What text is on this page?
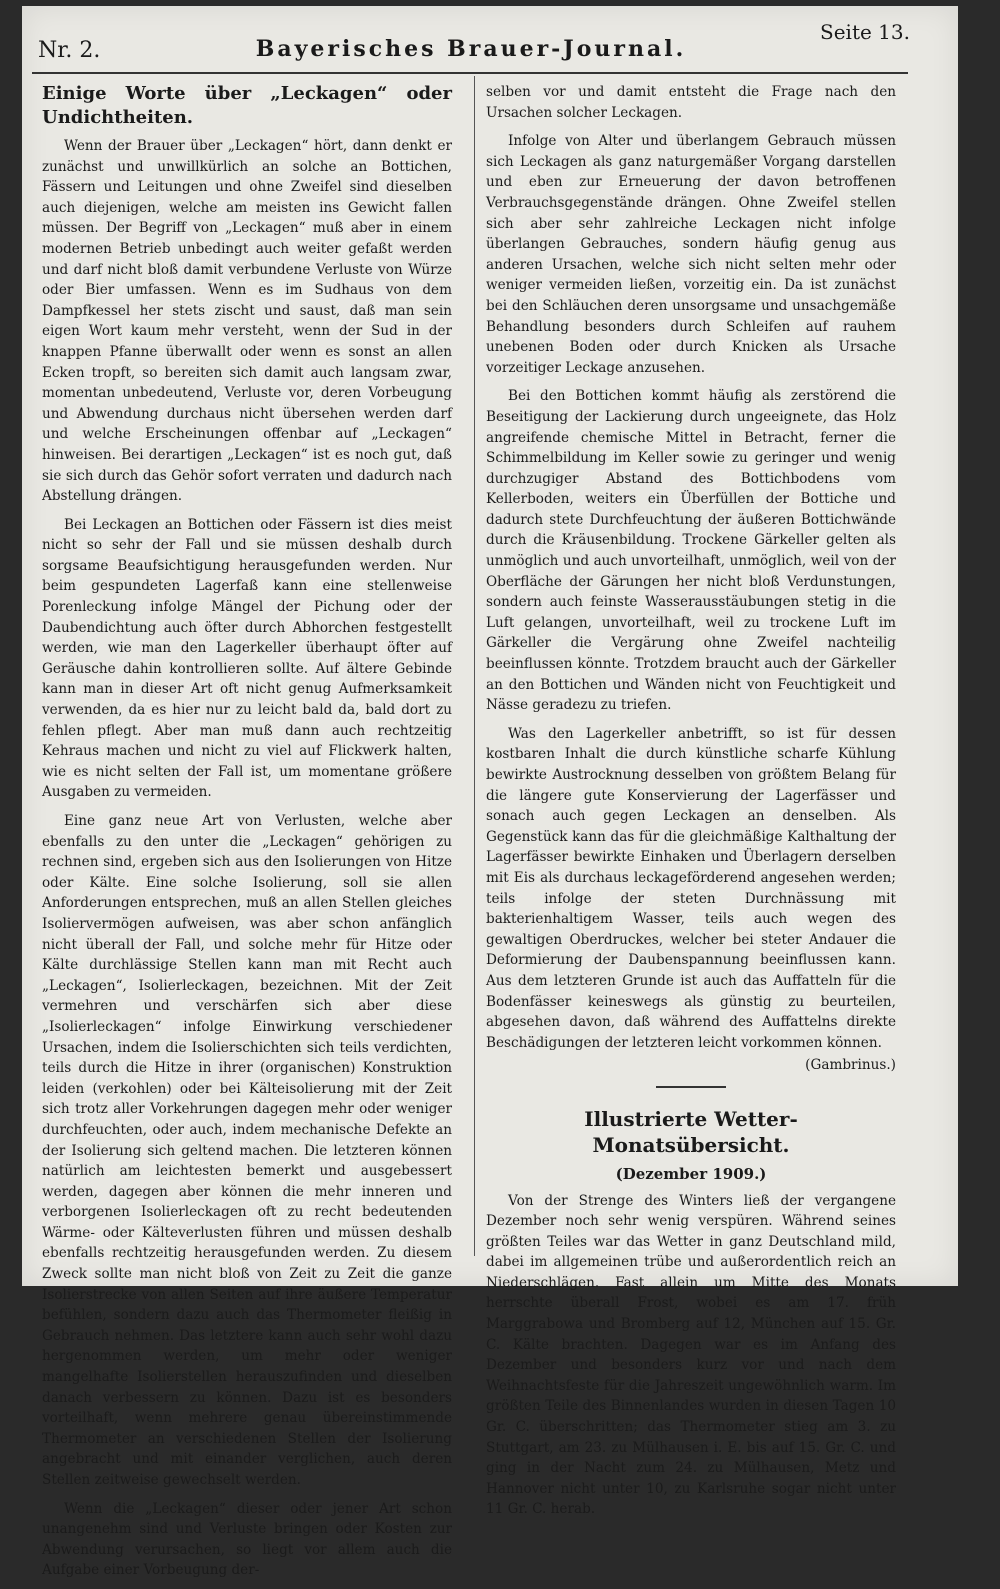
Nr. 2.	Bayerisches Brauer-Journal.
Seite 13.
Einige Worte über „Leckagen“ oder Undichtheiten.

Wenn der Brauer über „Leckagen“ hört, dann denkt er zunächst und unwillkürlich an solche an Bottichen, Fässern und Leitungen und ohne Zweifel sind dieselben auch diejenigen, welche am meisten ins Gewicht fallen müssen. Der Begriff von „Leckagen“ muß aber in einem modernen Betrieb unbedingt auch weiter gefaßt werden und darf nicht bloß damit verbundene Verluste von Würze oder Bier umfassen. Wenn es im Sudhaus von dem Dampfkessel her stets zischt und saust, daß man sein eigen Wort kaum mehr versteht, wenn der Sud in der knappen Pfanne überwallt oder wenn es sonst an allen Ecken tropft, so bereiten sich damit auch langsam zwar, momentan unbedeutend, Verluste vor, deren Vorbeugung und Abwendung durchaus nicht übersehen werden darf und welche Erscheinungen offenbar auf „Leckagen“ hinweisen. Bei derartigen „Leckagen“ ist es noch gut, daß sie sich durch das Gehör sofort verraten und dadurch nach Abstellung drängen.

Bei Leckagen an Bottichen oder Fässern ist dies meist nicht so sehr der Fall und sie müssen deshalb durch sorgsame Beaufsichtigung herausgefunden werden. Nur beim gespundeten Lagerfaß kann eine stellenweise Porenleckung infolge Mängel der Pichung oder der Daubendichtung auch öfter durch Abhorchen festgestellt werden, wie man den Lagerkeller überhaupt öfter auf Geräusche dahin kontrollieren sollte. Auf ältere Gebinde kann man in dieser Art oft nicht genug Aufmerksamkeit verwenden, da es hier nur zu leicht bald da, bald dort zu fehlen pflegt. Aber man muß dann auch rechtzeitig Kehraus machen und nicht zu viel auf Flickwerk halten, wie es nicht selten der Fall ist, um momentane größere Ausgaben zu vermeiden.

Eine ganz neue Art von Verlusten, welche aber ebenfalls zu den unter die „Leckagen“ gehörigen zu rechnen sind, ergeben sich aus den Isolierungen von Hitze oder Kälte. Eine solche Isolierung, soll sie allen Anforderungen entsprechen, muß an allen Stellen gleiches Isoliervermögen aufweisen, was aber schon anfänglich nicht überall der Fall, und solche mehr für Hitze oder Kälte durchlässige Stellen kann man mit Recht auch „Leckagen“, Isolierleckagen, bezeichnen. Mit der Zeit vermehren und verschärfen sich aber diese „Isolierleckagen“ infolge Einwirkung verschiedener Ursachen, indem die Isolierschichten sich teils verdichten, teils durch die Hitze in ihrer (organischen) Konstruktion leiden (verkohlen) oder bei Kälteisolierung mit der Zeit sich trotz aller Vorkehrungen dagegen mehr oder weniger durchfeuchten, oder auch, indem mechanische Defekte an der Isolierung sich geltend machen. Die letzteren können natürlich am leichtesten bemerkt und ausgebessert werden, dagegen aber können die mehr inneren und verborgenen Isolierleckagen oft zu recht bedeutenden Wärme- oder Kälteverlusten führen und müssen deshalb ebenfalls rechtzeitig herausgefunden werden. Zu diesem Zweck sollte man nicht bloß von Zeit zu Zeit die ganze Isolierstrecke von allen Seiten auf ihre äußere Temperatur befühlen, sondern dazu auch das Thermometer fleißig in Gebrauch nehmen. Das letztere kann auch sehr wohl dazu hergenommen werden, um mehr oder weniger mangelhafte Isolierstellen herauszufinden und dieselben danach verbessern zu können. Dazu ist es besonders vorteilhaft, wenn mehrere genau übereinstimmende Thermometer an verschiedenen Stellen der Isolierung angebracht und mit einander verglichen, auch deren Stellen zeitweise gewechselt werden.

Wenn die „Leckagen“ dieser oder jener Art schon unangenehm sind und Verluste bringen oder Kosten zur Abwendung verursachen, so liegt vor allem auch die Aufgabe einer Vorbeugung der-

selben vor und damit entsteht die Frage nach den Ursachen solcher Leckagen.

Infolge von Alter und überlangem Gebrauch müssen sich Leckagen als ganz naturgemäßer Vorgang darstellen und eben zur Erneuerung der davon betroffenen Verbrauchsgegenstände drängen. Ohne Zweifel stellen sich aber sehr zahlreiche Leckagen nicht infolge überlangen Gebrauches, sondern häufig genug aus anderen Ursachen, welche sich nicht selten mehr oder weniger vermeiden ließen, vorzeitig ein. Da ist zunächst bei den Schläuchen deren unsorgsame und unsachgemäße Behandlung besonders durch Schleifen auf rauhem unebenen Boden oder durch Knicken als Ursache vorzeitiger Leckage anzusehen.

Bei den Bottichen kommt häufig als zerstörend die Beseitigung der Lackierung durch ungeeignete, das Holz angreifende chemische Mittel in Betracht, ferner die Schimmelbildung im Keller sowie zu geringer und wenig durchzugiger Abstand des Bottichbodens vom Kellerboden, weiters ein Überfüllen der Bottiche und dadurch stete Durchfeuchtung der äußeren Bottichwände durch die Kräusenbildung. Trockene Gärkeller gelten als unmöglich und auch unvorteilhaft, unmöglich, weil von der Oberfläche der Gärungen her nicht bloß Verdunstungen, sondern auch feinste Wasserausstäubungen stetig in die Luft gelangen, unvorteilhaft, weil zu trockene Luft im Gärkeller die Vergärung ohne Zweifel nachteilig beeinflussen könnte. Trotzdem braucht auch der Gärkeller an den Bottichen und Wänden nicht von Feuchtigkeit und Nässe geradezu zu triefen.

Was den Lagerkeller anbetrifft, so ist für dessen kostbaren Inhalt die durch künstliche scharfe Kühlung bewirkte Austrocknung desselben von größtem Belang für die längere gute Konservierung der Lagerfässer und sonach auch gegen Leckagen an denselben. Als Gegenstück kann das für die gleichmäßige Kalthaltung der Lagerfässer bewirkte Einhaken und Überlagern derselben mit Eis als durchaus leckageförderend angesehen werden; teils infolge der steten Durchnässung mit bakterienhaltigem Wasser, teils auch wegen des gewaltigen Oberdruckes, welcher bei steter Andauer die Deformierung der Daubenspannung beeinflussen kann. Aus dem letzteren Grunde ist auch das Auffatteln für die Bodenfässer keineswegs als günstig zu beurteilen, abgesehen davon, daß während des Auffattelns direkte Beschädigungen der letzteren leicht vorkommen können.

(Gambrinus.)
Illustrierte Wetter-Monatsübersicht.
(Dezember 1909.)

Von der Strenge des Winters ließ der vergangene Dezember noch sehr wenig verspüren. Während seines größten Teiles war das Wetter in ganz Deutschland mild, dabei im allgemeinen trübe und außerordentlich reich an Niederschlägen. Fast allein um Mitte des Monats herrschte überall Frost, wobei es am 17. früh Marggrabowa und Bromberg auf 12, München auf 15. Gr. C. Kälte brachten. Dagegen war es im Anfang des Dezember und besonders kurz vor und nach dem Weihnachtsfeste für die Jahreszeit ungewöhnlich warm. Im größten Teile des Binnenlandes wurden in diesen Tagen 10 Gr. C. überschritten; das Thermometer stieg am 3. zu Stuttgart, am 23. zu Mülhausen i. E. bis auf 15. Gr. C. und ging in der Nacht zum 24. zu Mülhausen, Metz und Hannover nicht unter 10, zu Karlsruhe sogar nicht unter 11 Gr. C. herab.
